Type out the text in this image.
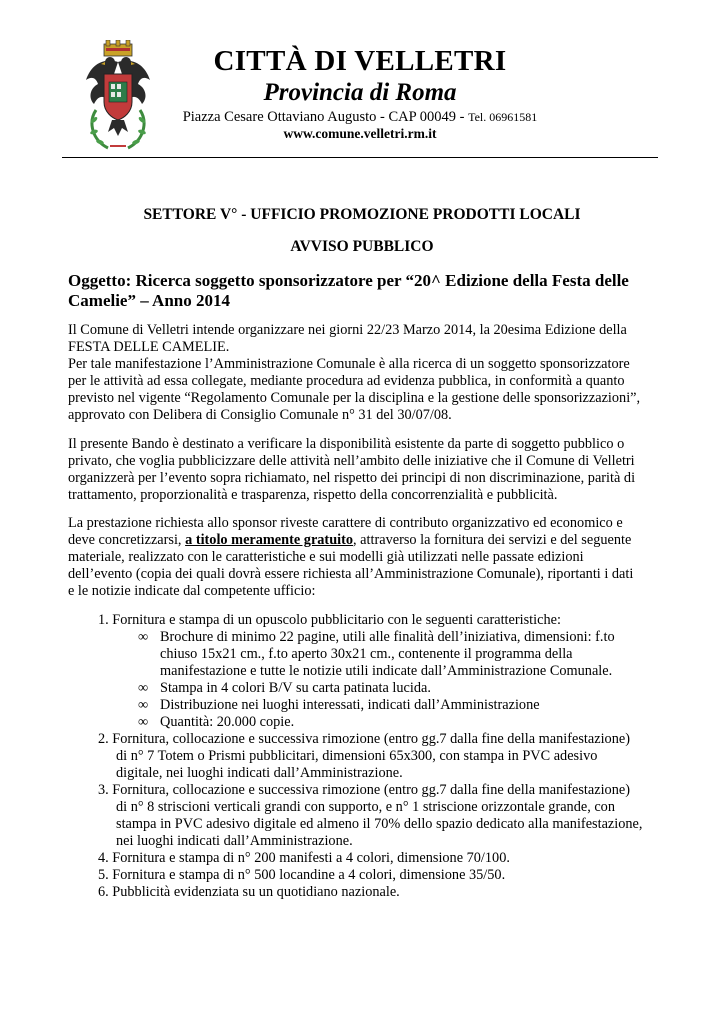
CITTÀ DI VELLETRI
Provincia di Roma
Piazza Cesare Ottaviano Augusto - CAP 00049 - Tel. 06961581
www.comune.velletri.rm.it
SETTORE V° - UFFICIO PROMOZIONE PRODOTTI LOCALI
AVVISO PUBBLICO
Oggetto: Ricerca soggetto sponsorizzatore per “20^ Edizione della Festa delle
Camelie” – Anno 2014
Il Comune di Velletri intende organizzare nei giorni 22/23 Marzo 2014, la 20esima Edizione della
FESTA DELLE CAMELIE.
Per tale manifestazione l’Amministrazione Comunale è alla ricerca di un soggetto sponsorizzatore
per le attività ad essa collegate, mediante procedura ad evidenza pubblica, in conformità a quanto
previsto nel vigente “Regolamento Comunale per la disciplina e la gestione delle sponsorizzazioni”,
approvato con Delibera di Consiglio Comunale n° 31 del 30/07/08.
Il presente Bando è destinato a verificare la disponibilità esistente da parte di soggetto pubblico o
privato, che voglia pubblicizzare delle attività nell’ambito delle iniziative che il Comune di Velletri
organizzerà per l’evento sopra richiamato, nel rispetto dei principi di non discriminazione, parità di
trattamento, proporzionalità e trasparenza, rispetto della concorrenzialità e pubblicità.
La prestazione richiesta allo sponsor riveste carattere di contributo organizzativo ed economico e
deve concretizzarsi, a titolo meramente gratuito, attraverso la fornitura dei servizi e del seguente
materiale, realizzato con le caratteristiche e sui modelli già utilizzati nelle passate edizioni
dell’evento (copia dei quali dovrà essere richiesta all’Amministrazione Comunale), riportanti i dati
e le notizie indicate dal competente ufficio:
1. Fornitura e stampa di un opuscolo pubblicitario con le seguenti caratteristiche:
∞ Brochure di minimo 22 pagine, utili alle finalità dell’iniziativa, dimensioni: f.to
chiuso 15x21 cm., f.to aperto 30x21 cm., contenente il programma della
manifestazione e tutte le notizie utili indicate dall’Amministrazione Comunale.
∞ Stampa in 4 colori B/V su carta patinata lucida.
∞ Distribuzione nei luoghi interessati, indicati dall’Amministrazione
∞ Quantità: 20.000 copie.
2. Fornitura, collocazione e successiva rimozione (entro gg.7 dalla fine della manifestazione)
di n° 7 Totem o Prismi pubblicitari, dimensioni 65x300, con stampa in PVC adesivo
digitale, nei luoghi indicati dall’Amministrazione.
3. Fornitura, collocazione e successiva rimozione (entro gg.7 dalla fine della manifestazione)
di n° 8 striscioni verticali grandi con supporto, e n° 1 striscione orizzontale grande, con
stampa in PVC adesivo digitale ed almeno il 70% dello spazio dedicato alla manifestazione,
nei luoghi indicati dall’Amministrazione.
4. Fornitura e stampa di n° 200 manifesti a 4 colori, dimensione 70/100.
5. Fornitura e stampa di n° 500 locandine a 4 colori, dimensione 35/50.
6. Pubblicità evidenziata su un quotidiano nazionale.
